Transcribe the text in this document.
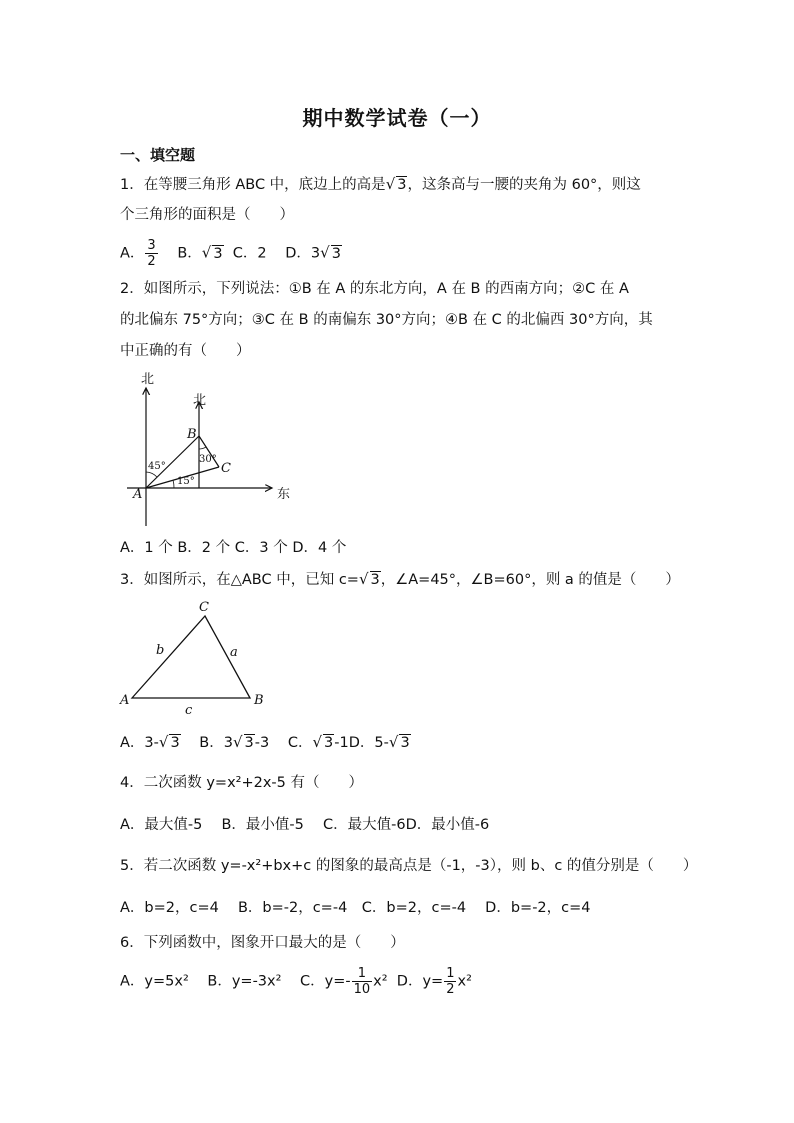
期中数学试卷（一）
一、填空题
1．在等腰三角形 ABC 中，底边上的高是√ 3，这条高与一腰的夹角为 60°，则这
个三角形的面积是（　　）
A． $\frac{3}{2}$ B．√ 3 C．2 D．3√ 3
2．如图所示，下列说法：①B 在 A 的东北方向，A 在 B 的西南方向；②C 在 A
的北偏东 75°方向；③C 在 B 的南偏东 30°方向；④B 在 C 的北偏西 30°方向，其
中正确的有（　　）
北
北
东
A
B
C
45°
30°
15°
A．1 个 B．2 个 C．3 个 D．4 个
3．如图所示，在△ABC 中，已知 c=√ 3，∠A=45°，∠B=60°，则 a 的值是（　　）
A	B
C
b	a
c
A．3-√ 3 B．3√ 3-3 C．√ 3-1D．5-√ 3
4．二次函数 y=x²+2x-5 有（　　）
A．最大值-5　 B．最小值-5　 C．最大值-6D．最小值-6
5．若二次函数 y=-x²+bx+c 的图象的最高点是（-1，-3），则 b、c 的值分别是（　　）
A．b=2，c=4　 B．b=-2，c=-4　C．b=2，c=-4　 D．b=-2，c=4
6．下列函数中，图象开口最大的是（　　）
A．y=5x² B．y=-3x² C．$y=- \frac{1}{10} x^2$ D．$y= \frac{1}{2} x^2$
